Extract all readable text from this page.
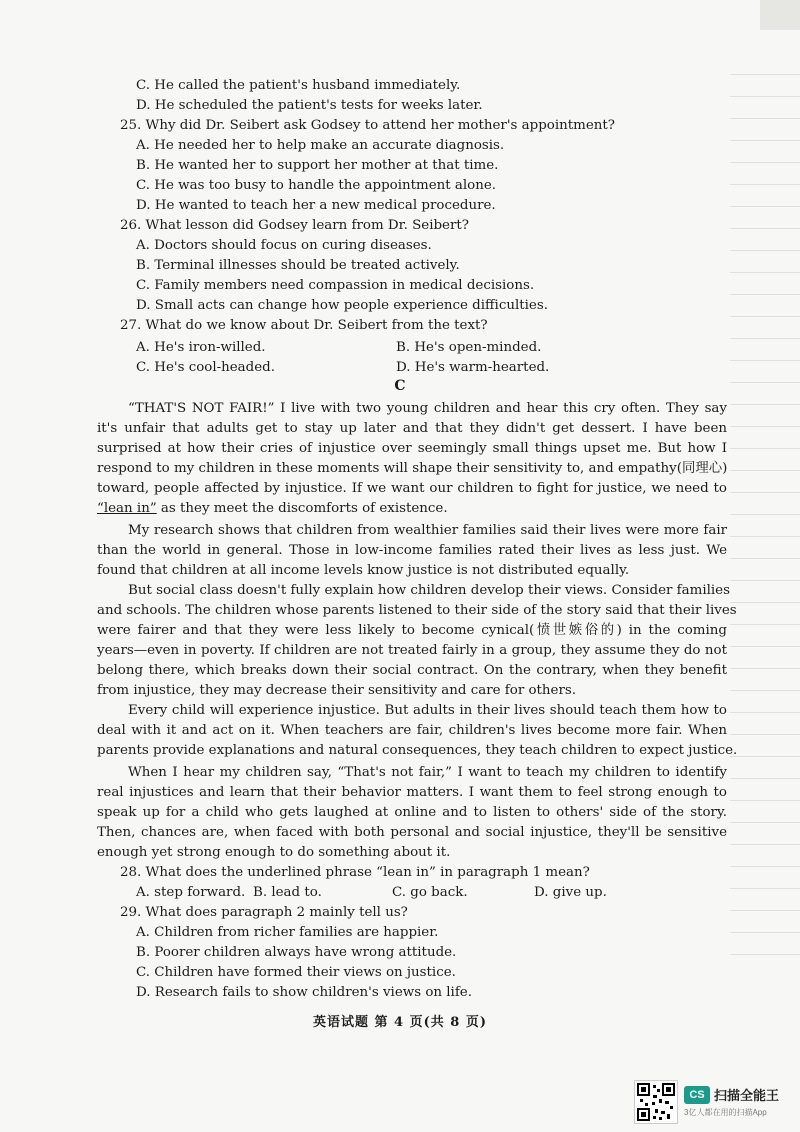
C. He called the patient's husband immediately.
D. He scheduled the patient's tests for weeks later.
25. Why did Dr. Seibert ask Godsey to attend her mother's appointment?
A. He needed her to help make an accurate diagnosis.
B. He wanted her to support her mother at that time.
C. He was too busy to handle the appointment alone.
D. He wanted to teach her a new medical procedure.
26. What lesson did Godsey learn from Dr. Seibert?
A. Doctors should focus on curing diseases.
B. Terminal illnesses should be treated actively.
C. Family members need compassion in medical decisions.
D. Small acts can change how people experience difficulties.
27. What do we know about Dr. Seibert from the text?
A. He's iron-willed.	B. He's open-minded.
C. He's cool-headed.	D. He's warm-hearted.
C
“THAT'S NOT FAIR!” I live with two young children and hear this cry often. They say
it's unfair that adults get to stay up later and that they didn't get dessert. I have been
surprised at how their cries of injustice over seemingly small things upset me. But how I
respond to my children in these moments will shape their sensitivity to, and empathy(同理心)
toward, people affected by injustice. If we want our children to fight for justice, we need to
“lean in” as they meet the discomforts of existence.
My research shows that children from wealthier families said their lives were more fair
than the world in general. Those in low-income families rated their lives as less just. We
found that children at all income levels know justice is not distributed equally.
But social class doesn't fully explain how children develop their views. Consider families
and schools. The children whose parents listened to their side of the story said that their lives
were fairer and that they were less likely to become cynical(愤世嫉俗的) in the coming
years—even in poverty. If children are not treated fairly in a group, they assume they do not
belong there, which breaks down their social contract. On the contrary, when they benefit
from injustice, they may decrease their sensitivity and care for others.
Every child will experience injustice. But adults in their lives should teach them how to
deal with it and act on it. When teachers are fair, children's lives become more fair. When
parents provide explanations and natural consequences, they teach children to expect justice.
When I hear my children say, “That's not fair,” I want to teach my children to identify
real injustices and learn that their behavior matters. I want them to feel strong enough to
speak up for a child who gets laughed at online and to listen to others' side of the story.
Then, chances are, when faced with both personal and social injustice, they'll be sensitive
enough yet strong enough to do something about it.
28. What does the underlined phrase “lean in” in paragraph 1 mean?
A. step forward. B. lead to.	C. go back.	D. give up.
29. What does paragraph 2 mainly tell us?
A. Children from richer families are happier.
B. Poorer children always have wrong attitude.
C. Children have formed their views on justice.
D. Research fails to show children's views on life.
英语试题 第 4 页(共 8 页)
CS 扫描全能王
3亿人都在用的扫描App
